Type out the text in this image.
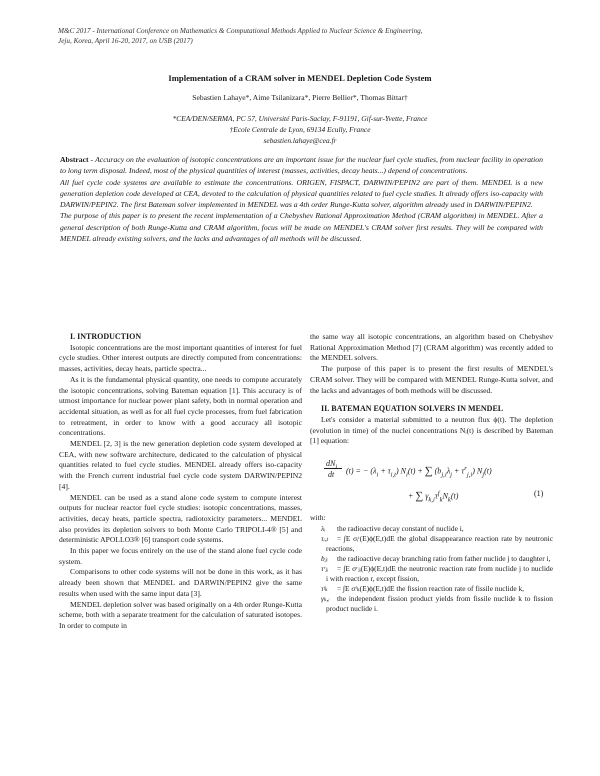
M&C 2017 - International Conference on Mathematics & Computational Methods Applied to Nuclear Science & Engineering,
Jeju, Korea, April 16-20, 2017, on USB (2017)
Implementation of a CRAM solver in MENDEL Depletion Code System
Sebastien Lahaye*, Aime Tsilanizara*, Pierre Bellier*, Thomas Bittar†
*CEA/DEN/SERMA, PC 57, Université Paris-Saclay, F-91191, Gif-sur-Yvette, France
†Ecole Centrale de Lyon, 69134 Ecully, France
sebastien.lahaye@cea.fr

Abstract - Accuracy on the evaluation of isotopic concentrations are an important issue for the nuclear fuel cycle studies, from nuclear facility in operation to long term disposal. Indeed, most of the physical quantities of interest (masses, activities, decay heats...) depend of concentrations.

All fuel cycle code systems are available to estimate the concentrations. ORIGEN, FISPACT, DARWIN/PEPIN2 are part of them. MENDEL is a new generation depletion code developed at CEA, devoted to the calculation of physical quantities related to fuel cycle studies. It already offers iso-capacity with DARWIN/PEPIN2. The first Bateman solver implemented in MENDEL was a 4th order Runge-Kutta solver, algorithm already used in DARWIN/PEPIN2.

The purpose of this paper is to present the recent implementation of a Chebyshev Rational Approximation Method (CRAM algorithm) in MENDEL. After a general description of both Runge-Kutta and CRAM algorithm, focus will be made on MENDEL's CRAM solver first results. They will be compared with MENDEL already existing solvers, and the lacks and advantages of all methods will be discussed.

I. INTRODUCTION

Isotopic concentrations are the most important quantities of interest for fuel cycle studies. Other interest outputs are directly computed from concentrations: masses, activities, decay heats, particle spectra...

As it is the fundamental physical quantity, one needs to compute accurately the isotopic concentrations, solving Bateman equation [1]. This accuracy is of utmost importance for nuclear power plant safety, both in normal operation and accidental situation, as well as for all fuel cycle processes, from fuel fabrication to retreatment, in order to know with a good accuracy all isotopic concentrations.

MENDEL [2, 3] is the new generation depletion code system developed at CEA, with new software architecture, dedicated to the calculation of physical quantities related to fuel cycle studies. MENDEL already offers iso-capacity with the French current industrial fuel cycle code system DARWIN/PEPIN2 [4].

MENDEL can be used as a stand alone code system to compute interest outputs for nuclear reactor fuel cycle studies: isotopic concentrations, masses, activities, decay heats, particle spectra, radiotoxicity parameters... MENDEL also provides its depletion solvers to both Monte Carlo TRIPOLI-4® [5] and deterministic APOLLO3® [6] transport code systems.

In this paper we focus entirely on the use of the stand alone fuel cycle code system.

Comparisons to other code systems will not be done in this work, as it has already been shown that MENDEL and DARWIN/PEPIN2 give the same results when used with the same input data [3].

MENDEL depletion solver was based originally on a 4th order Runge-Kutta scheme, both with a separate treatment for the calculation of saturated isotopes. In order to compute in

the same way all isotopic concentrations, an algorithm based on Chebyshev Rational Approximation Method [7] (CRAM algorithm) was recently added to the MENDEL solvers.

The purpose of this paper is to present the first results of MENDEL's CRAM solver. They will be compared with MENDEL Runge-Kutta solver, and the lacks and advantages of both methods will be discussed.

II. BATEMAN EQUATION SOLVERS IN MENDEL

Let's consider a material submitted to a neutron flux ϕ(t). The depletion (evolution in time) of the nuclei concentrations Nᵢ(t) is described by Bateman [1] equation:

$dN_i$
dt (t) = − $(\lambda_i + \tau_{i,t}) N_i(t)$ + ∑ $(b_{j,i}\lambda_j + \tau^r_{j,i})$ $N_j(t)$
+ ∑ $\gamma_{k,i}\tau^f_kN_k(t)$	(1)

with:

λᵢ	the radioactive decay constant of nuclide i,

τᵢ,ₜ	= ∫E σᵢᵗ(E)ϕ(E,t)dE the global disappearance reaction rate by neutronic reactions,

bⱼᵢ	the radioactive decay branching ratio from father nuclide j to daughter i,

τʳⱼᵢ	= ∫E σʳⱼᵢ(E)ϕ(E,t)dE the neutronic reaction rate from nuclide j to nuclide i with reaction r, except fission,

τᶠₖ	= ∫E σᶠₖ(E)ϕ(E,t)dE the fission reaction rate of fissile nuclide k,

γₖ,ᵢ the independent fission product yields from fissile nuclide k to fission product nuclide i.
